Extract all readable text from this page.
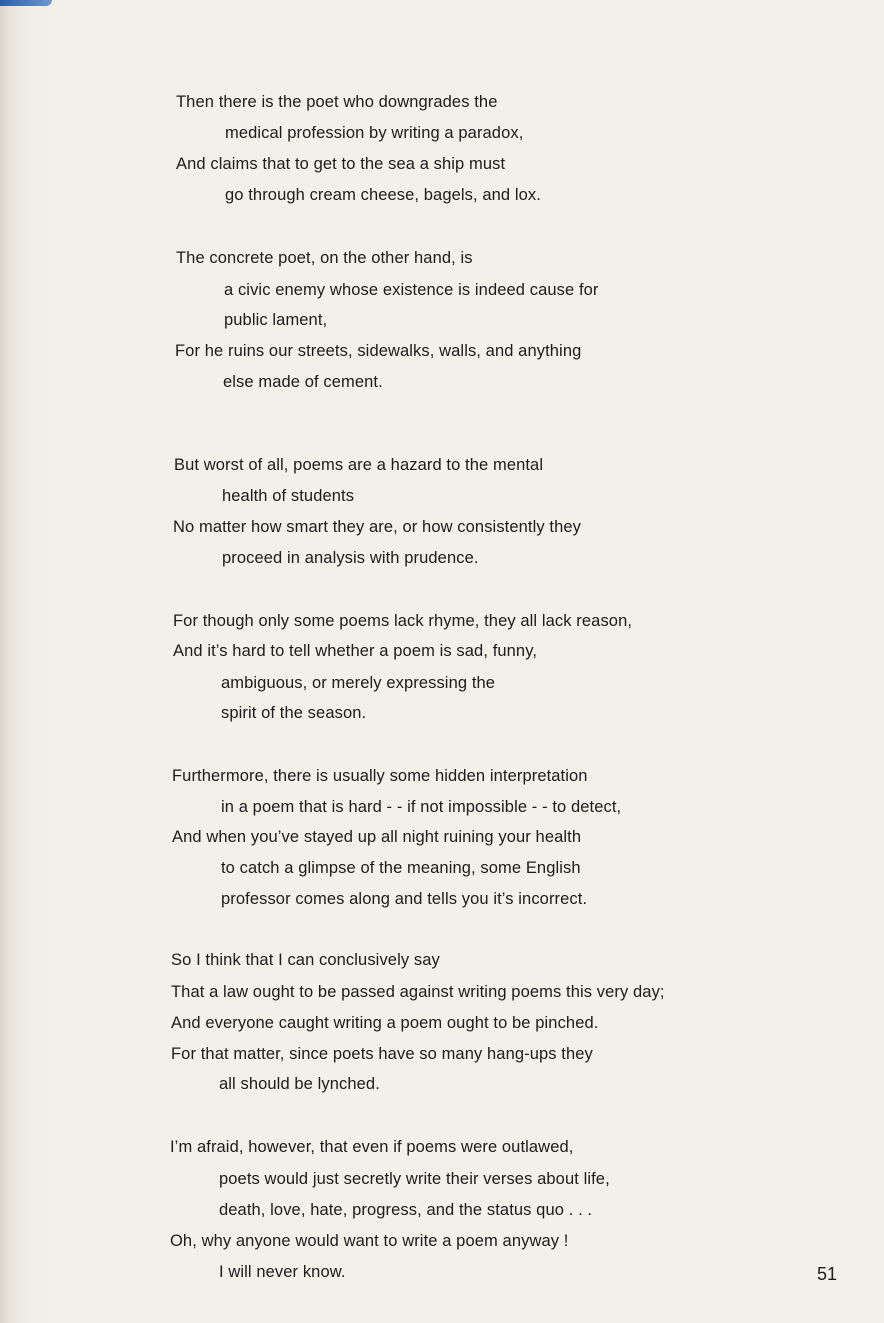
Then there is the poet who downgrades the
medical profession by writing a paradox,
And claims that to get to the sea a ship must
go through cream cheese, bagels, and lox.
The concrete poet, on the other hand, is
a civic enemy whose existence is indeed cause for
public lament,
For he ruins our streets, sidewalks, walls, and anything
else made of cement.
But worst of all, poems are a hazard to the mental
health of students
No matter how smart they are, or how consistently they
proceed in analysis with prudence.
For though only some poems lack rhyme, they all lack reason,
And it’s hard to tell whether a poem is sad, funny,
ambiguous, or merely expressing the
spirit of the season.
Furthermore, there is usually some hidden interpretation
in a poem that is hard - - if not impossible - - to detect,
And when you’ve stayed up all night ruining your health
to catch a glimpse of the meaning, some English
professor comes along and tells you it’s incorrect.
So I think that I can conclusively say
That a law ought to be passed against writing poems this very day;
And everyone caught writing a poem ought to be pinched.
For that matter, since poets have so many hang-ups they
all should be lynched.
I’m afraid, however, that even if poems were outlawed,
poets would just secretly write their verses about life,
death, love, hate, progress, and the status quo . . .
Oh, why anyone would want to write a poem anyway !
I will never know.	51
